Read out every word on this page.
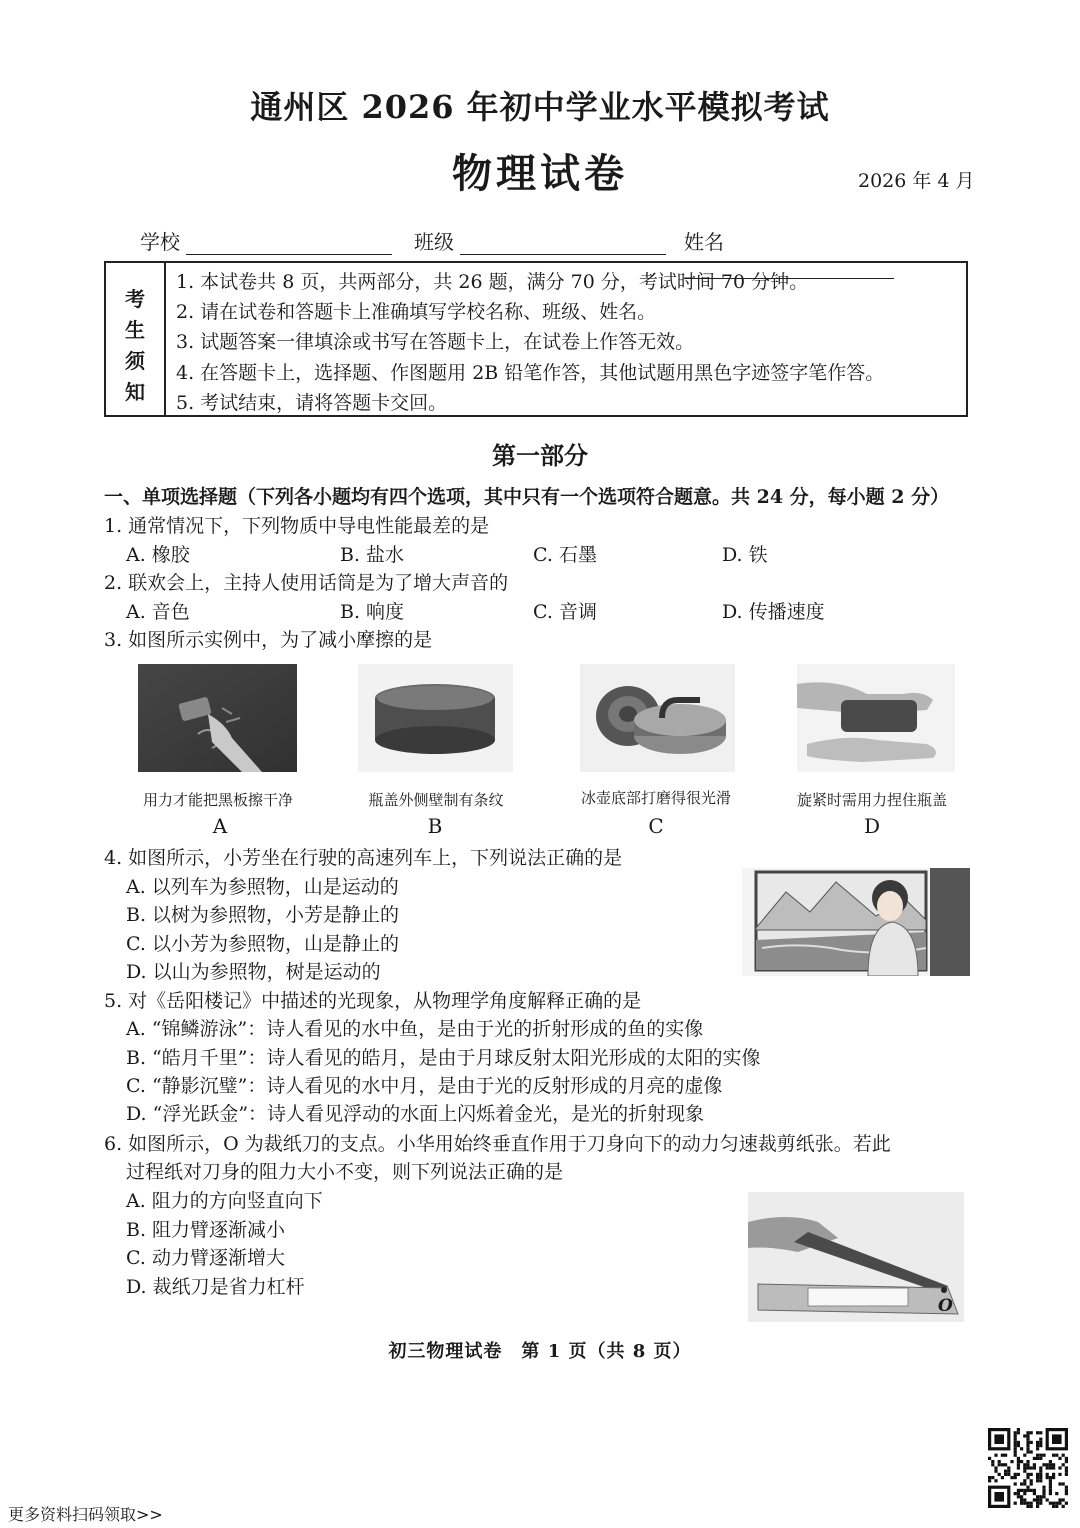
通州区 2026 年初中学业水平模拟考试
物理试卷	2026 年 4 月
学校	班级	姓名
考
生
须
知
1. 本试卷共 8 页，共两部分，共 26 题，满分 70 分，考试时间 70 分钟。
2. 请在试卷和答题卡上准确填写学校名称、班级、姓名。
3. 试题答案一律填涂或书写在答题卡上，在试卷上作答无效。
4. 在答题卡上，选择题、作图题用 2B 铅笔作答，其他试题用黑色字迹签字笔作答。
5. 考试结束，请将答题卡交回。
第一部分
一、单项选择题（下列各小题均有四个选项，其中只有一个选项符合题意。共 24 分，每小题 2 分）
1. 通常情况下，下列物质中导电性能最差的是
A. 橡胶	B. 盐水	C. 石墨	D. 铁
2. 联欢会上，主持人使用话筒是为了增大声音的
A. 音色	B. 响度	C. 音调	D. 传播速度
3. 如图所示实例中，为了减小摩擦的是
用力才能把黑板擦干净	瓶盖外侧壁制有条纹	冰壶底部打磨得很光滑	旋紧时需用力捏住瓶盖
A	B	C	D
4. 如图所示，小芳坐在行驶的高速列车上，下列说法正确的是
A. 以列车为参照物，山是运动的
B. 以树为参照物，小芳是静止的
C. 以小芳为参照物，山是静止的
D. 以山为参照物，树是运动的
5. 对《岳阳楼记》中描述的光现象，从物理学角度解释正确的是
A. “锦鳞游泳”：诗人看见的水中鱼，是由于光的折射形成的鱼的实像
B. “皓月千里”：诗人看见的皓月，是由于月球反射太阳光形成的太阳的实像
C. “静影沉璧”：诗人看见的水中月，是由于光的反射形成的月亮的虚像
D. “浮光跃金”：诗人看见浮动的水面上闪烁着金光，是光的折射现象
6. 如图所示，O 为裁纸刀的支点。小华用始终垂直作用于刀身向下的动力匀速裁剪纸张。若此
过程纸对刀身的阻力大小不变，则下列说法正确的是
A. 阻力的方向竖直向下
B. 阻力臂逐渐减小
C. 动力臂逐渐增大
D. 裁纸刀是省力杠杆
O
初三物理试卷　第 1 页（共 8 页）
更多资料扫码领取>>
